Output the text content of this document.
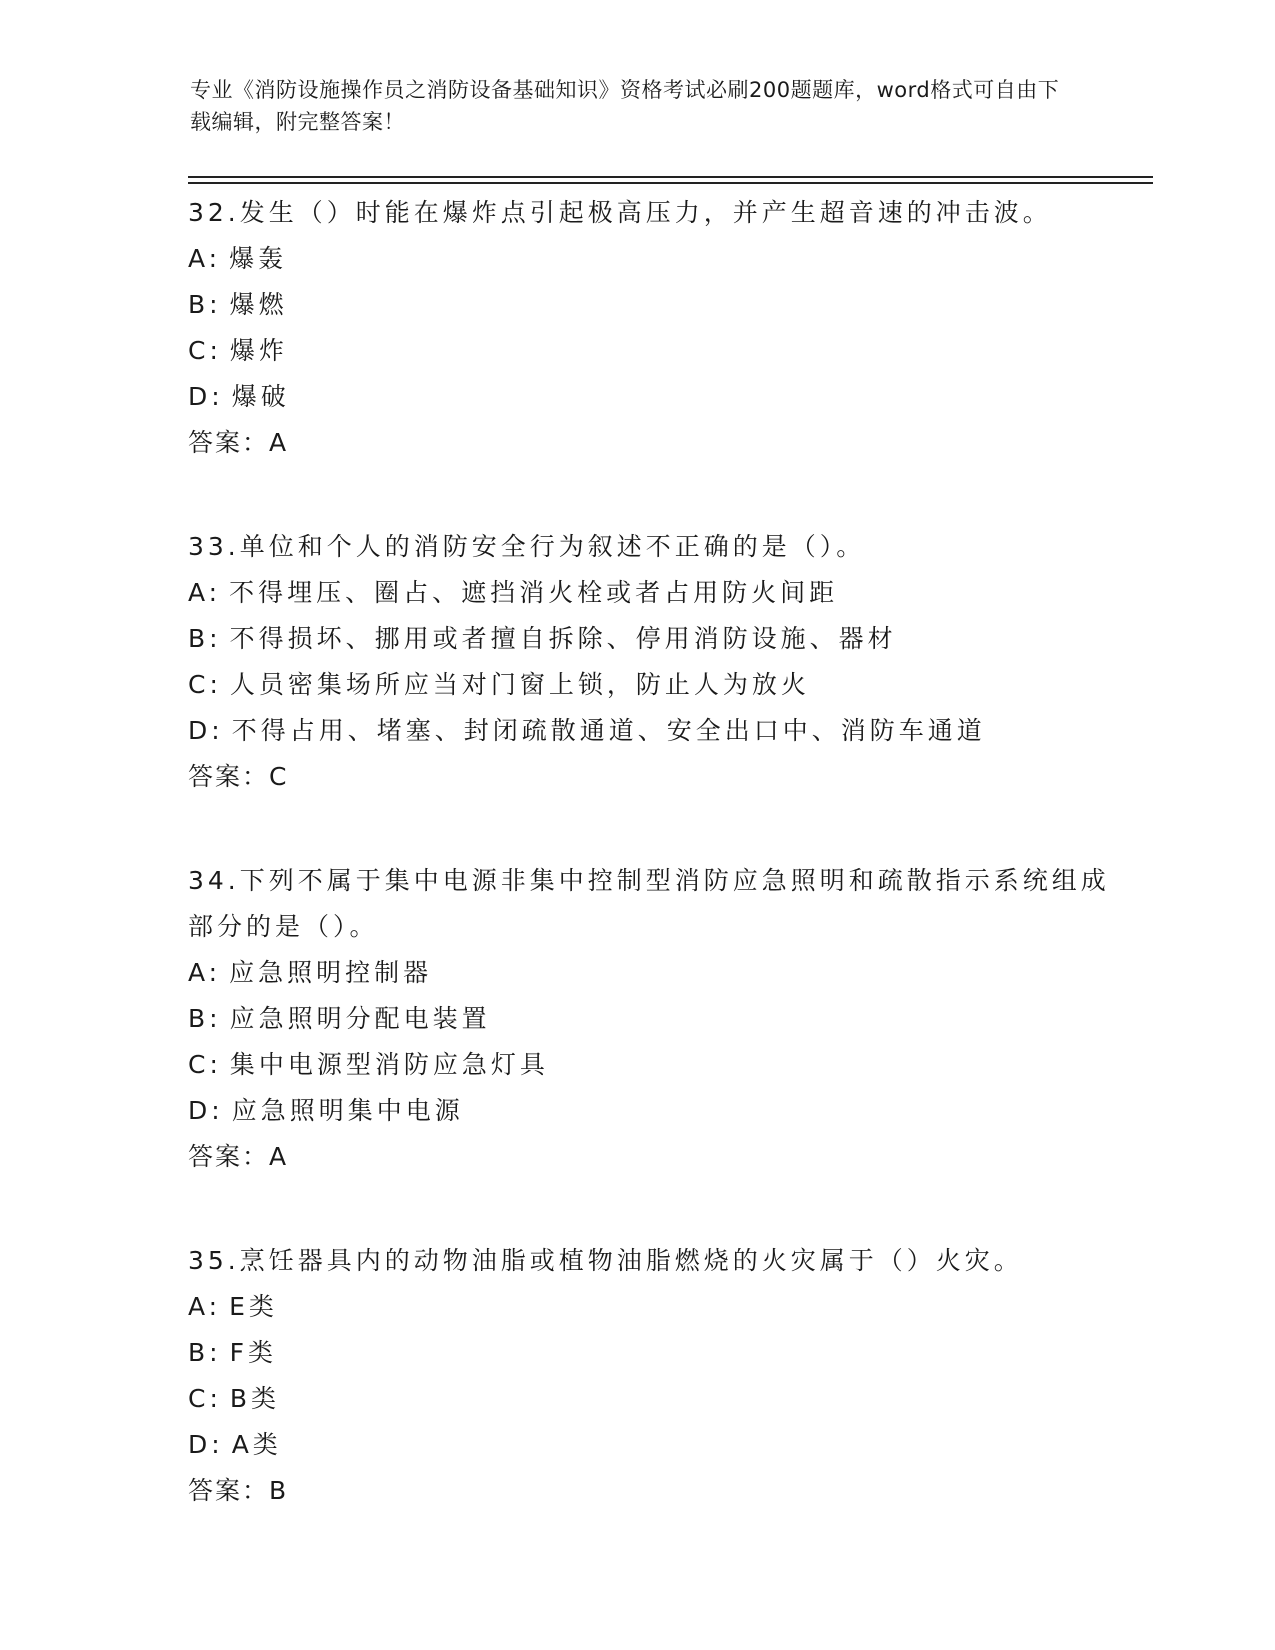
专业《消防设施操作员之消防设备基础知识》资格考试必刷200题题库，word格式可自由下载编辑，附完整答案！

32.发生（）时能在爆炸点引起极高压力，并产生超音速的冲击波。

A: 爆轰

B: 爆燃

C: 爆炸

D: 爆破

答案：A

33.单位和个人的消防安全行为叙述不正确的是（）。

A: 不得埋压、圈占、遮挡消火栓或者占用防火间距

B: 不得损坏、挪用或者擅自拆除、停用消防设施、器材

C: 人员密集场所应当对门窗上锁，防止人为放火

D: 不得占用、堵塞、封闭疏散通道、安全出口中、消防车通道

答案：C

34.下列不属于集中电源非集中控制型消防应急照明和疏散指示系统组成部分的是（）。

A: 应急照明控制器

B: 应急照明分配电装置

C: 集中电源型消防应急灯具

D: 应急照明集中电源

答案：A

35.烹饪器具内的动物油脂或植物油脂燃烧的火灾属于（）火灾。

A: E类

B: F类

C: B类

D: A类

答案：B
